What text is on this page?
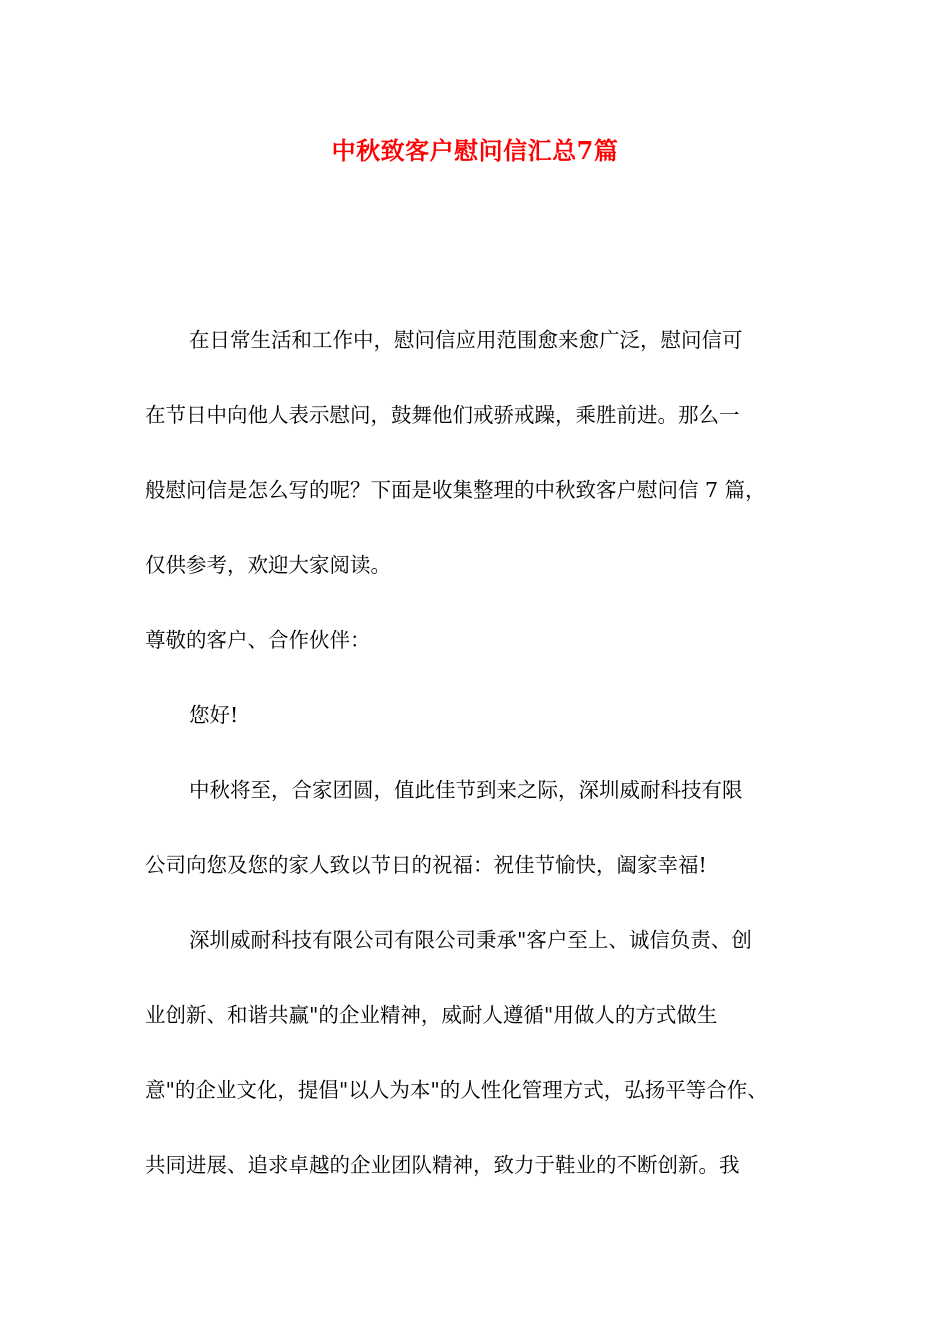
中秋致客户慰问信汇总7篇
在日常生活和工作中，慰问信应用范围愈来愈广泛，慰问信可
在节日中向他人表示慰问，鼓舞他们戒骄戒躁，乘胜前进。那么一
般慰问信是怎么写的呢？下面是收集整理的中秋致客户慰问信 7 篇，
仅供参考，欢迎大家阅读。
尊敬的客户、合作伙伴：
您好!
中秋将至，合家团圆，值此佳节到来之际，深圳威耐科技有限
公司向您及您的家人致以节日的祝福：祝佳节愉快，阖家幸福!
深圳威耐科技有限公司有限公司秉承"客户至上、诚信负责、创
业创新、和谐共赢"的企业精神，威耐人遵循"用做人的方式做生
意"的企业文化，提倡"以人为本"的人性化管理方式，弘扬平等合作、
共同进展、追求卓越的企业团队精神，致力于鞋业的不断创新。我
